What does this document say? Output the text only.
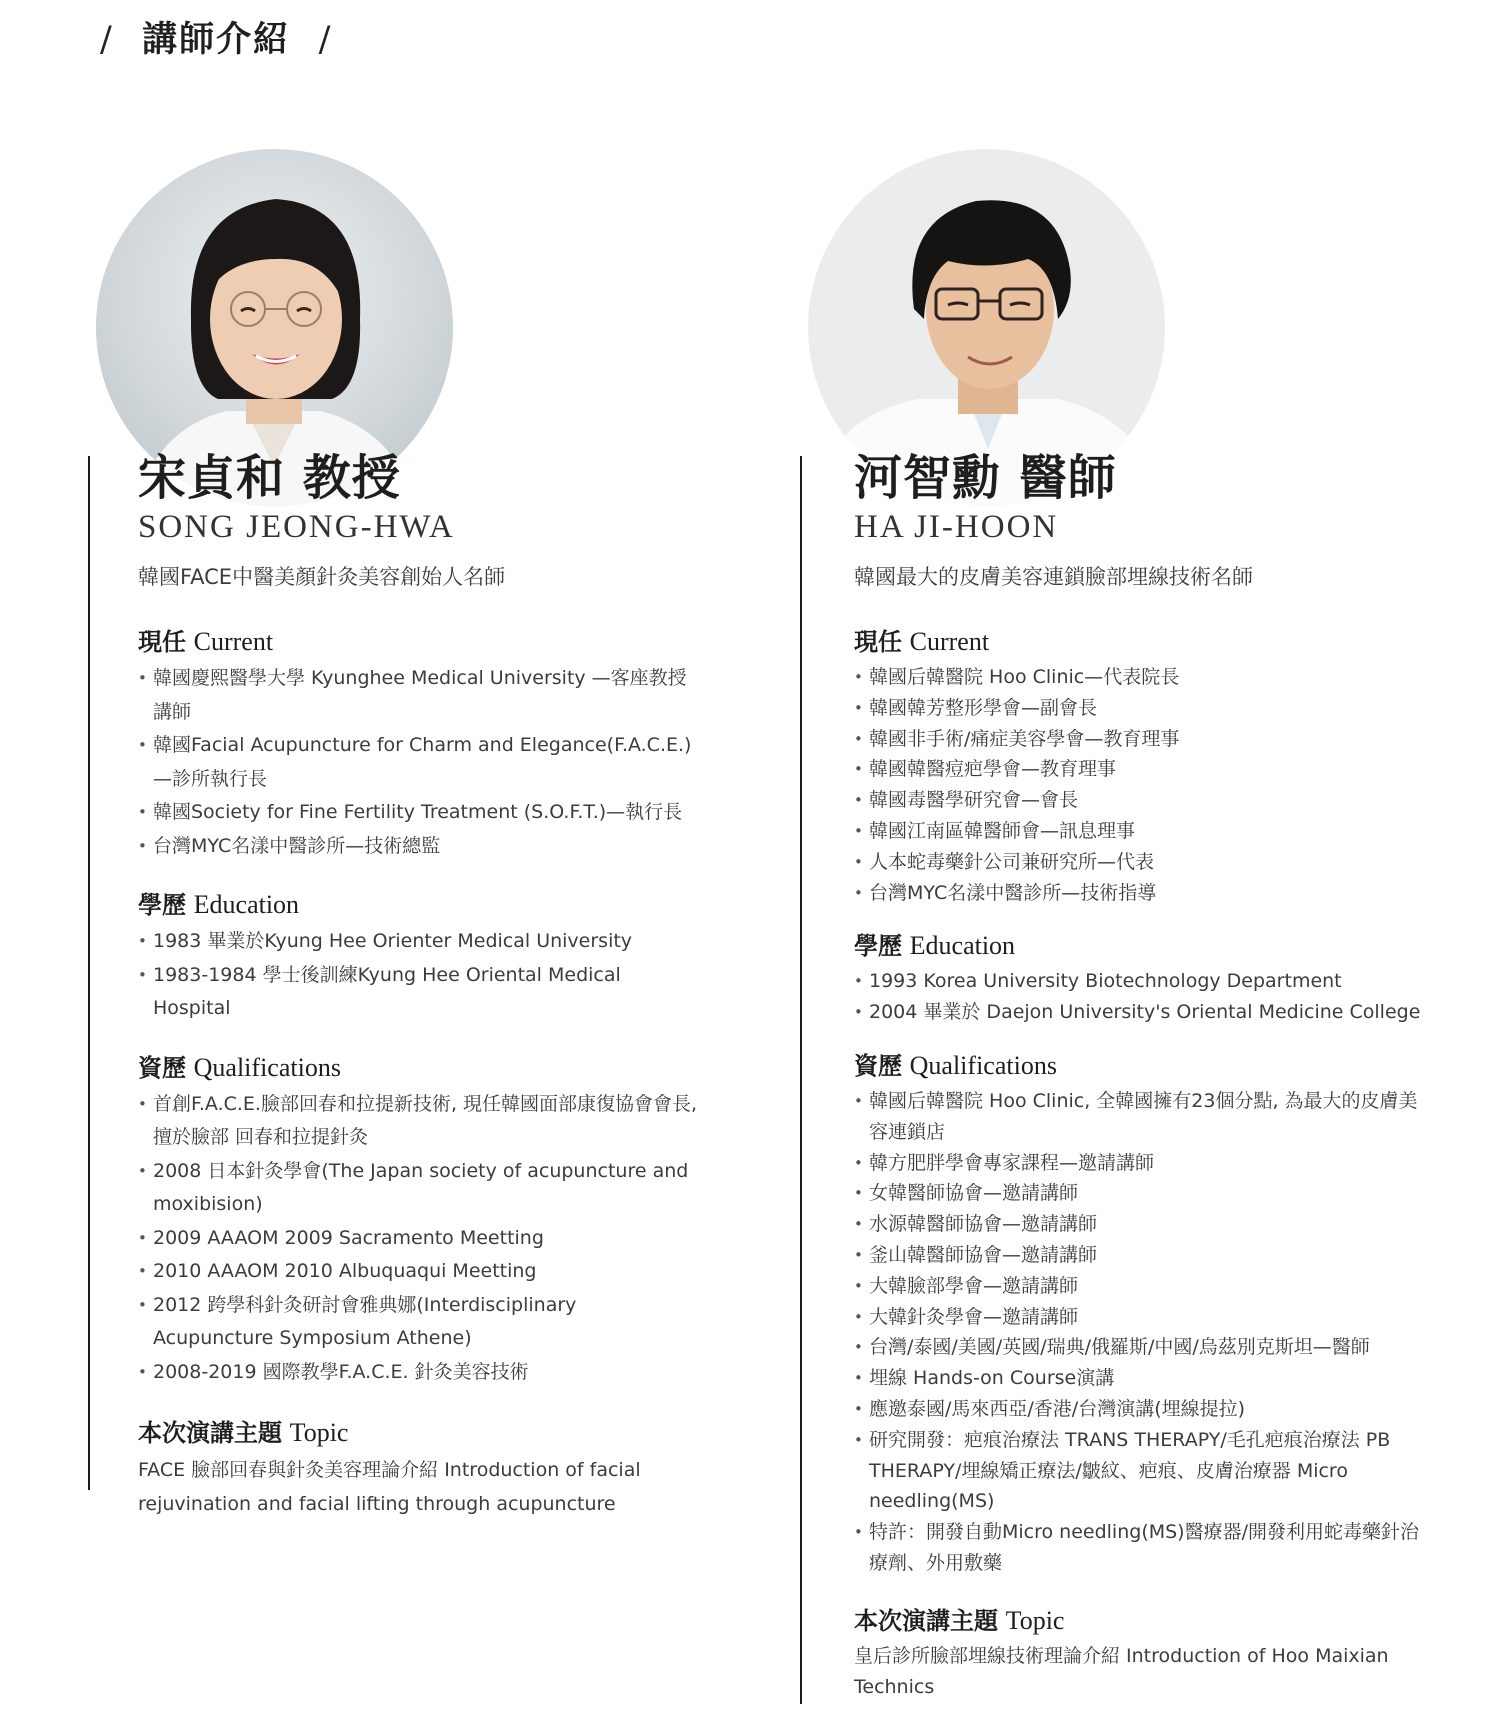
/ 講師介紹 /
宋貞和 教授
SONG JEONG-HWA
韓國FACE中醫美顏針灸美容創始人名師
現任 Current
• 韓國慶熙醫學大學 Kyunghee Medical University —客座教授講師
• 韓國Facial Acupuncture for Charm and Elegance(F.A.C.E.)—診所執行長
• 韓國Society for Fine Fertility Treatment (S.O.F.T.)—執行長
• 台灣MYC名漾中醫診所—技術總監
學歷 Education
• 1983 畢業於Kyung Hee Orienter Medical University
• 1983-1984 學士後訓練Kyung Hee Oriental Medical Hospital
資歷 Qualifications
• 首創F.A.C.E.臉部回春和拉提新技術, 現任韓國面部康復協會會長, 擅於臉部 回春和拉提針灸
• 2008 日本針灸學會(The Japan society of acupuncture and moxibision)
• 2009 AAAOM 2009 Sacramento Meetting
• 2010 AAAOM 2010 Albuquaqui Meetting
• 2012 跨學科針灸研討會雅典娜(Interdisciplinary Acupuncture Symposium Athene)
• 2008-2019 國際教學F.A.C.E. 針灸美容技術
本次演講主題 Topic
FACE 臉部回春與針灸美容理論介紹 Introduction of facial rejuvination and facial lifting through acupuncture
河智勳 醫師
HA JI-HOON
韓國最大的皮膚美容連鎖臉部埋線技術名師
現任 Current
• 韓國后韓醫院 Hoo Clinic—代表院長
• 韓國韓芳整形學會—副會長
• 韓國非手術/痛症美容學會—教育理事
• 韓國韓醫痘疤學會—教育理事
• 韓國毒醫學研究會—會長
• 韓國江南區韓醫師會—訊息理事
• 人本蛇毒藥針公司兼研究所—代表
• 台灣MYC名漾中醫診所—技術指導
學歷 Education
• 1993 Korea University Biotechnology Department
• 2004 畢業於 Daejon University's Oriental Medicine College
資歷 Qualifications
• 韓國后韓醫院 Hoo Clinic, 全韓國擁有23個分點, 為最大的皮膚美容連鎖店
• 韓方肥胖學會專家課程—邀請講師
• 女韓醫師協會—邀請講師
• 水源韓醫師協會—邀請講師
• 釜山韓醫師協會—邀請講師
• 大韓臉部學會—邀請講師
• 大韓針灸學會—邀請講師
• 台灣/泰國/美國/英國/瑞典/俄羅斯/中國/烏茲別克斯坦—醫師
• 埋線 Hands-on Course演講
• 應邀泰國/馬來西亞/香港/台灣演講(埋線提拉)
• 研究開發：疤痕治療法 TRANS THERAPY/毛孔疤痕治療法 PB THERAPY/埋線矯正療法/皺紋、疤痕、皮膚治療器 Micro needling(MS)
• 特許：開發自動Micro needling(MS)醫療器/開發利用蛇毒藥針治療劑、外用敷藥
本次演講主題 Topic
皇后診所臉部埋線技術理論介紹 Introduction of Hoo Maixian Technics
